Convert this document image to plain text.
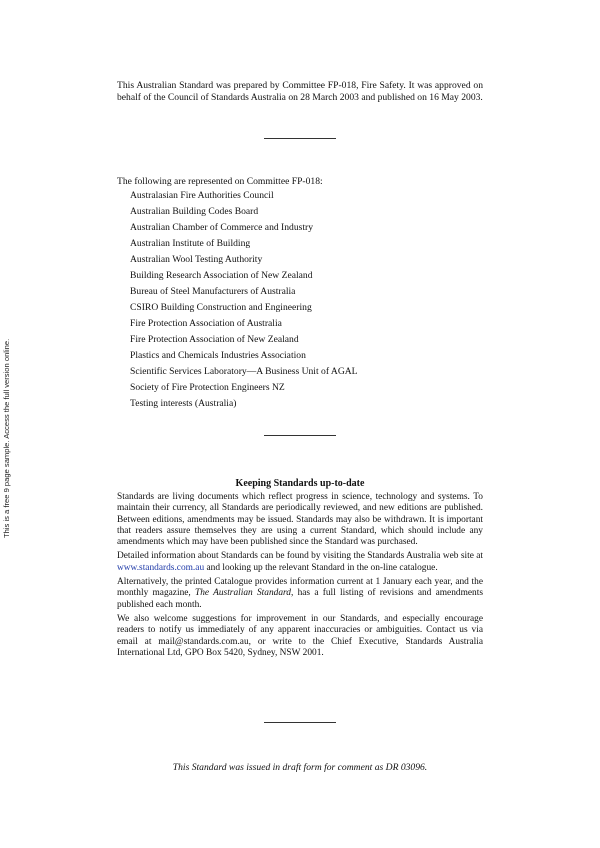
This is a free 9 page sample. Access the full version online.

This Australian Standard was prepared by Committee FP-018, Fire Safety. It was approved on behalf of the Council of Standards Australia on 28 March 2003 and published on 16 May 2003.

The following are represented on Committee FP-018:

Australasian Fire Authorities Council
Australian Building Codes Board
Australian Chamber of Commerce and Industry
Australian Institute of Building
Australian Wool Testing Authority
Building Research Association of New Zealand
Bureau of Steel Manufacturers of Australia
CSIRO Building Construction and Engineering
Fire Protection Association of Australia
Fire Protection Association of New Zealand
Plastics and Chemicals Industries Association
Scientific Services Laboratory—A Business Unit of AGAL
Society of Fire Protection Engineers NZ
Testing interests (Australia)
Keeping Standards up-to-date

Standards are living documents which reflect progress in science, technology and systems. To maintain their currency, all Standards are periodically reviewed, and new editions are published. Between editions, amendments may be issued. Standards may also be withdrawn. It is important that readers assure themselves they are using a current Standard, which should include any amendments which may have been published since the Standard was purchased.

Detailed information about Standards can be found by visiting the Standards Australia web site at www.standards.com.au and looking up the relevant Standard in the on-line catalogue.

Alternatively, the printed Catalogue provides information current at 1 January each year, and the monthly magazine, The Australian Standard, has a full listing of revisions and amendments published each month.

We also welcome suggestions for improvement in our Standards, and especially encourage readers to notify us immediately of any apparent inaccuracies or ambiguities. Contact us via email at mail@standards.com.au, or write to the Chief Executive, Standards Australia International Ltd, GPO Box 5420, Sydney, NSW 2001.

This Standard was issued in draft form for comment as DR 03096.
